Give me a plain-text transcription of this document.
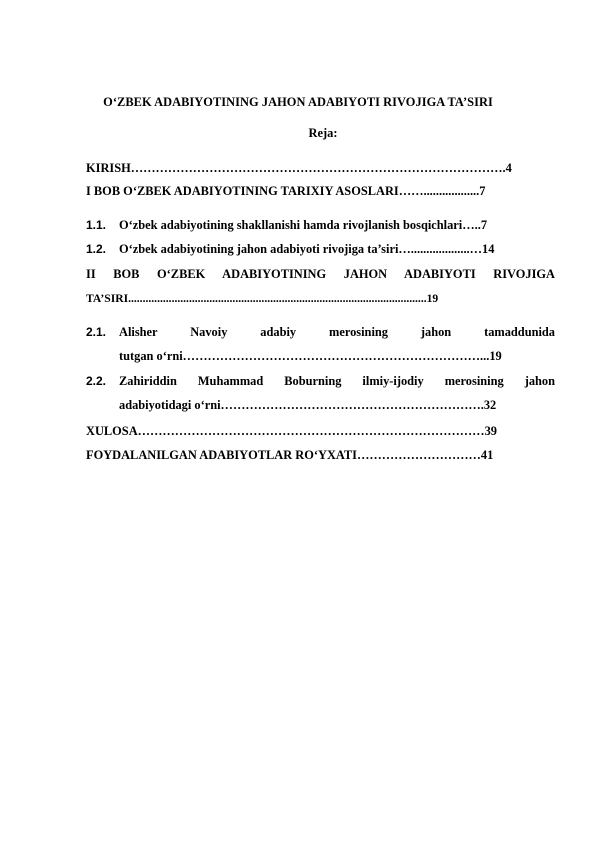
O‘ZBEK ADABIYOTINING JAHON ADABIYOTI RIVOJIGA TA’SIRI
Reja:
KIRISH……………………………………………………………………………….4
I BOB O‘ZBEK ADABIYOTINING TARIXIY ASOSLARI……..................7
1.1. O‘zbek adabiyotining shakllanishi hamda rivojlanish bosqichlari…..7
1.2. O‘zbek adabiyotining jahon adabiyoti rivojiga ta’siri…...................…14
II BOB O‘ZBEK ADABIYOTINING JAHON ADABIYOTI RIVOJIGA
TA’SIRI.......................................................................................................19
2.1. Alisher Navoiy adabiy merosining jahon tamaddunida
tutgan o‘rni………………………………………………………………...19
2.2. Zahiriddin Muhammad Boburning ilmiy-ijodiy merosining jahon
adabiyotidagi o‘rni……………………………………………………….32
XULOSA…………………………………………………………………………39
FOYDALANILGAN ADABIYOTLAR RO‘YXATI…………………………41
